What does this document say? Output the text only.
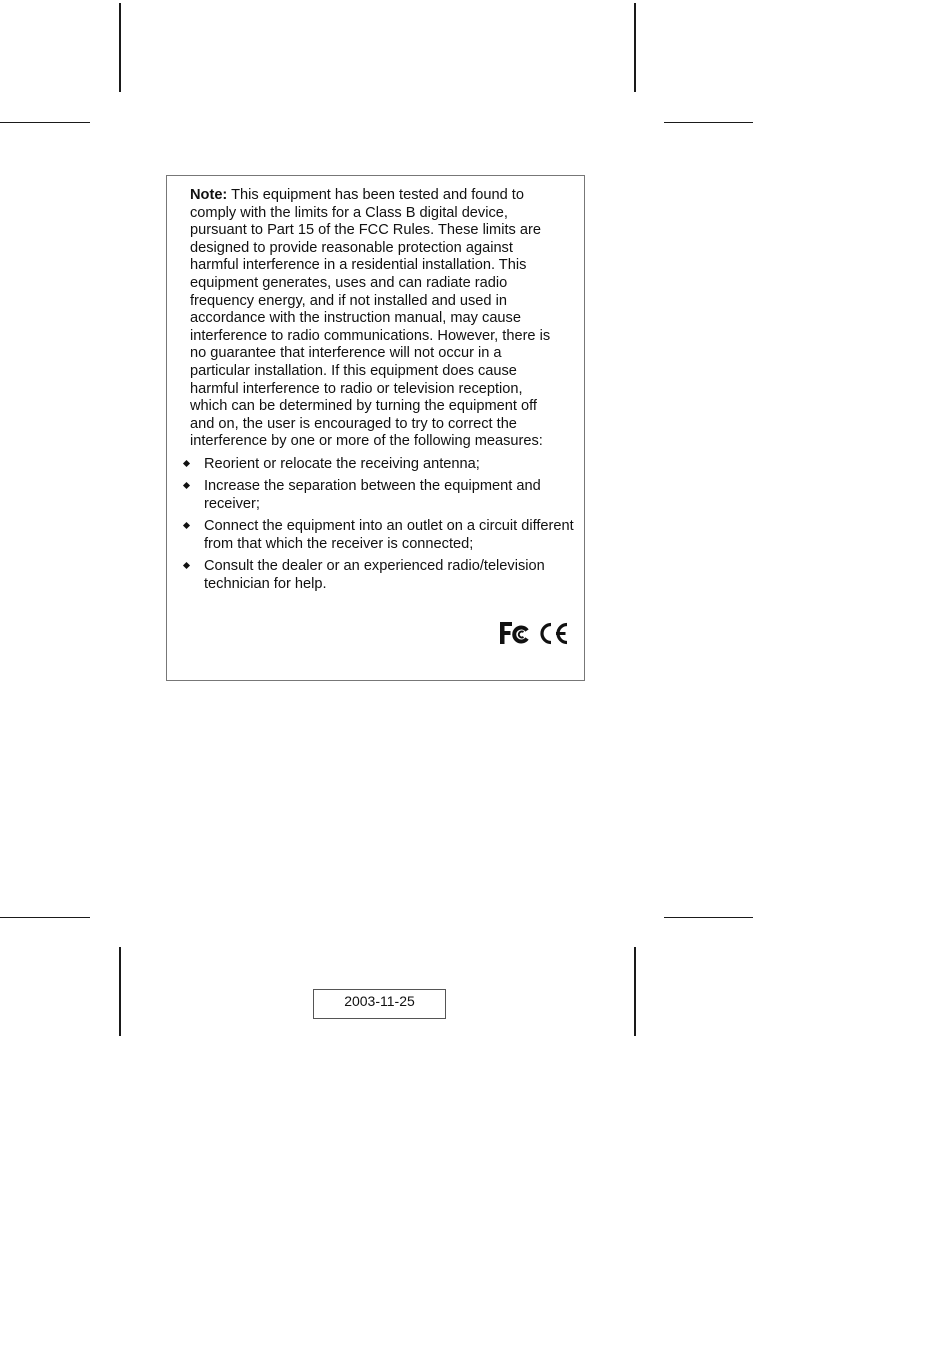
Note: This equipment has been tested and found to comply with the limits for a Class B digital device, pursuant to Part 15 of the FCC Rules. These limits are designed to provide reasonable protection against harmful interference in a residential installation. This equipment generates, uses and can radiate radio frequency energy, and if not installed and used in accordance with the instruction manual, may cause interference to radio communications. However, there is no guarantee that interference will not occur in a particular installation. If this equipment does cause harmful interference to radio or television reception, which can be determined by turning the equipment off and on, the user is encouraged to try to correct the interference by one or more of the following measures:

Reorient or relocate the receiving antenna;
Increase the separation between the equipment and receiver;
Connect the equipment into an outlet on a circuit different from that which the receiver is connected;
Consult the dealer or an experienced radio/television technician for help.
2003-11-25
